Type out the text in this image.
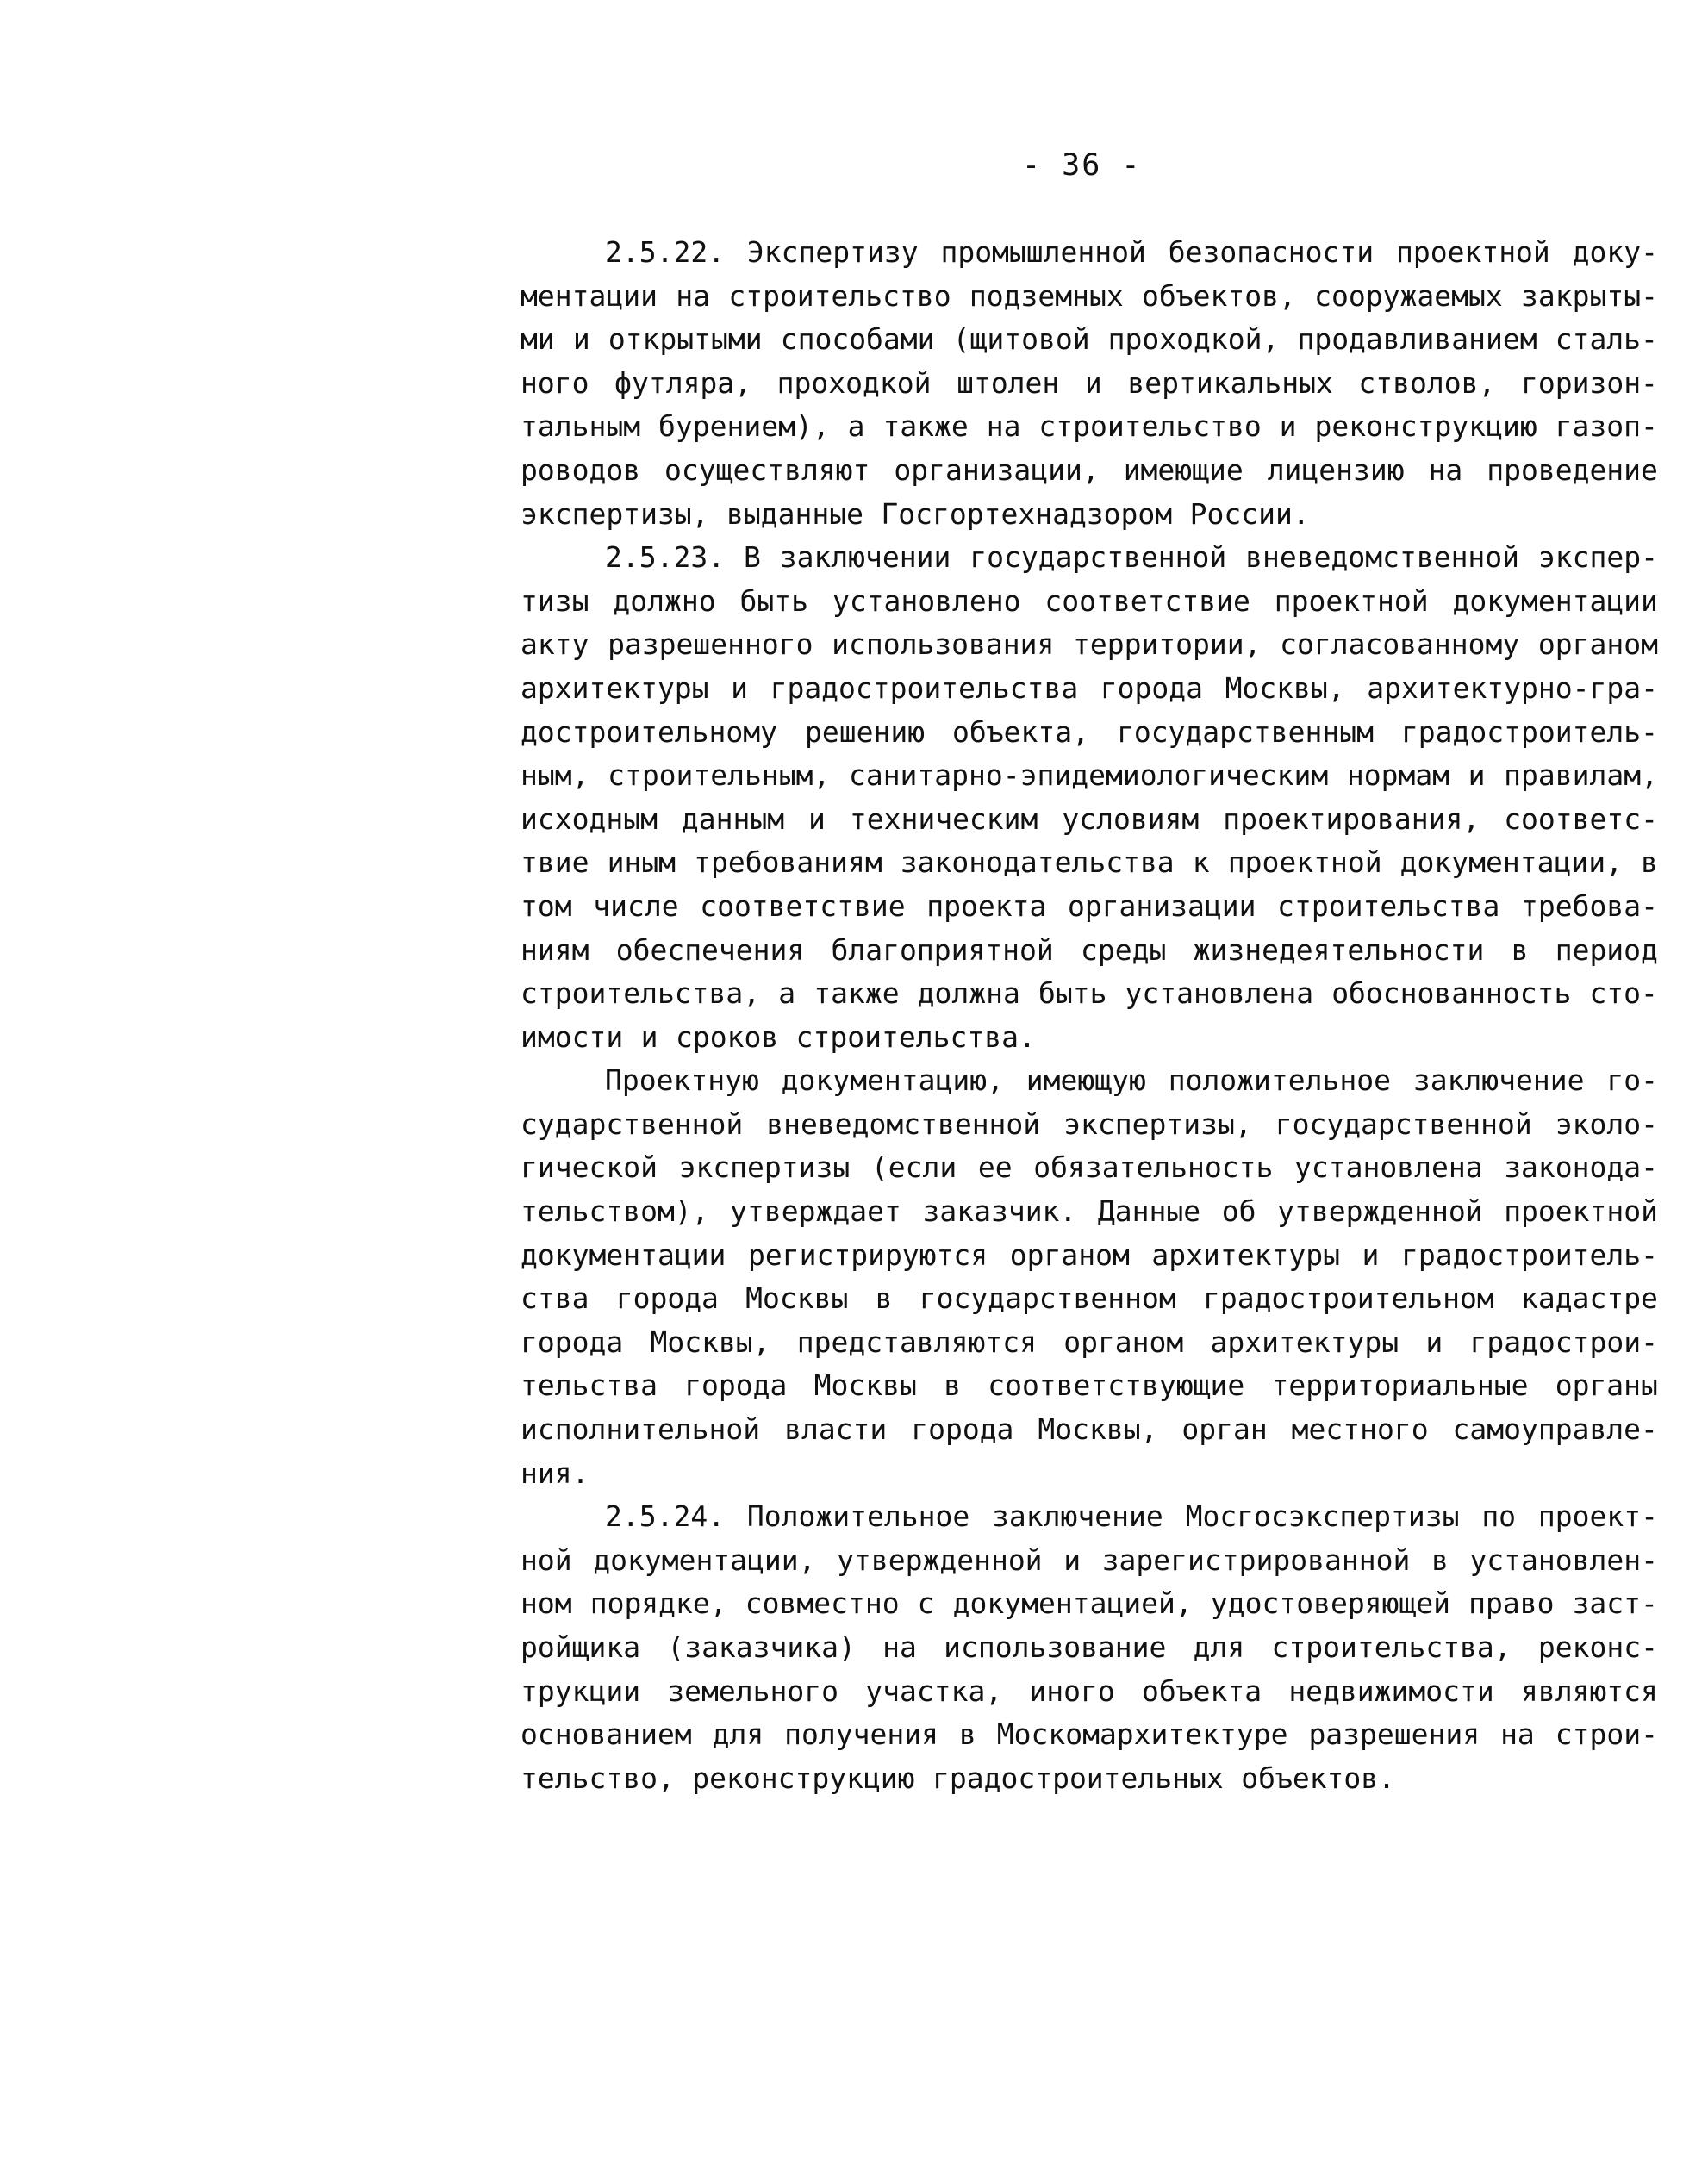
- 36 -
2.5.22. Экспертизу промышленной безопасности проектной доку-
ментации на строительство подземных объектов, сооружаемых закрыты-
ми и открытыми способами (щитовой проходкой, продавливанием сталь-
ного футляра, проходкой штолен и вертикальных стволов, горизон-
тальным бурением), а также на строительство и реконструкцию газоп-
роводов осуществляют организации, имеющие лицензию на проведение
экспертизы, выданные Госгортехнадзором России.
2.5.23. В заключении государственной вневедомственной экспер-
тизы должно быть установлено соответствие проектной документации
акту разрешенного использования территории, согласованному органом
архитектуры и градостроительства города Москвы, архитектурно-гра-
достроительному решению объекта, государственным градостроитель-
ным, строительным, санитарно-эпидемиологическим нормам и правилам,
исходным данным и техническим условиям проектирования, соответс-
твие иным требованиям законодательства к проектной документации, в
том числе соответствие проекта организации строительства требова-
ниям обеспечения благоприятной среды жизнедеятельности в период
строительства, а также должна быть установлена обоснованность сто-
имости и сроков строительства.
Проектную документацию, имеющую положительное заключение го-
сударственной вневедомственной экспертизы, государственной эколо-
гической экспертизы (если ее обязательность установлена законода-
тельством), утверждает заказчик. Данные об утвержденной проектной
документации регистрируются органом архитектуры и градостроитель-
ства города Москвы в государственном градостроительном кадастре
города Москвы, представляются органом архитектуры и градострои-
тельства города Москвы в соответствующие территориальные органы
исполнительной власти города Москвы, орган местного самоуправле-
ния.
2.5.24. Положительное заключение Мосгосэкспертизы по проект-
ной документации, утвержденной и зарегистрированной в установлен-
ном порядке, совместно с документацией, удостоверяющей право заст-
ройщика (заказчика) на использование для строительства, реконс-
трукции земельного участка, иного объекта недвижимости являются
основанием для получения в Москомархитектуре разрешения на строи-
тельство, реконструкцию градостроительных объектов.
